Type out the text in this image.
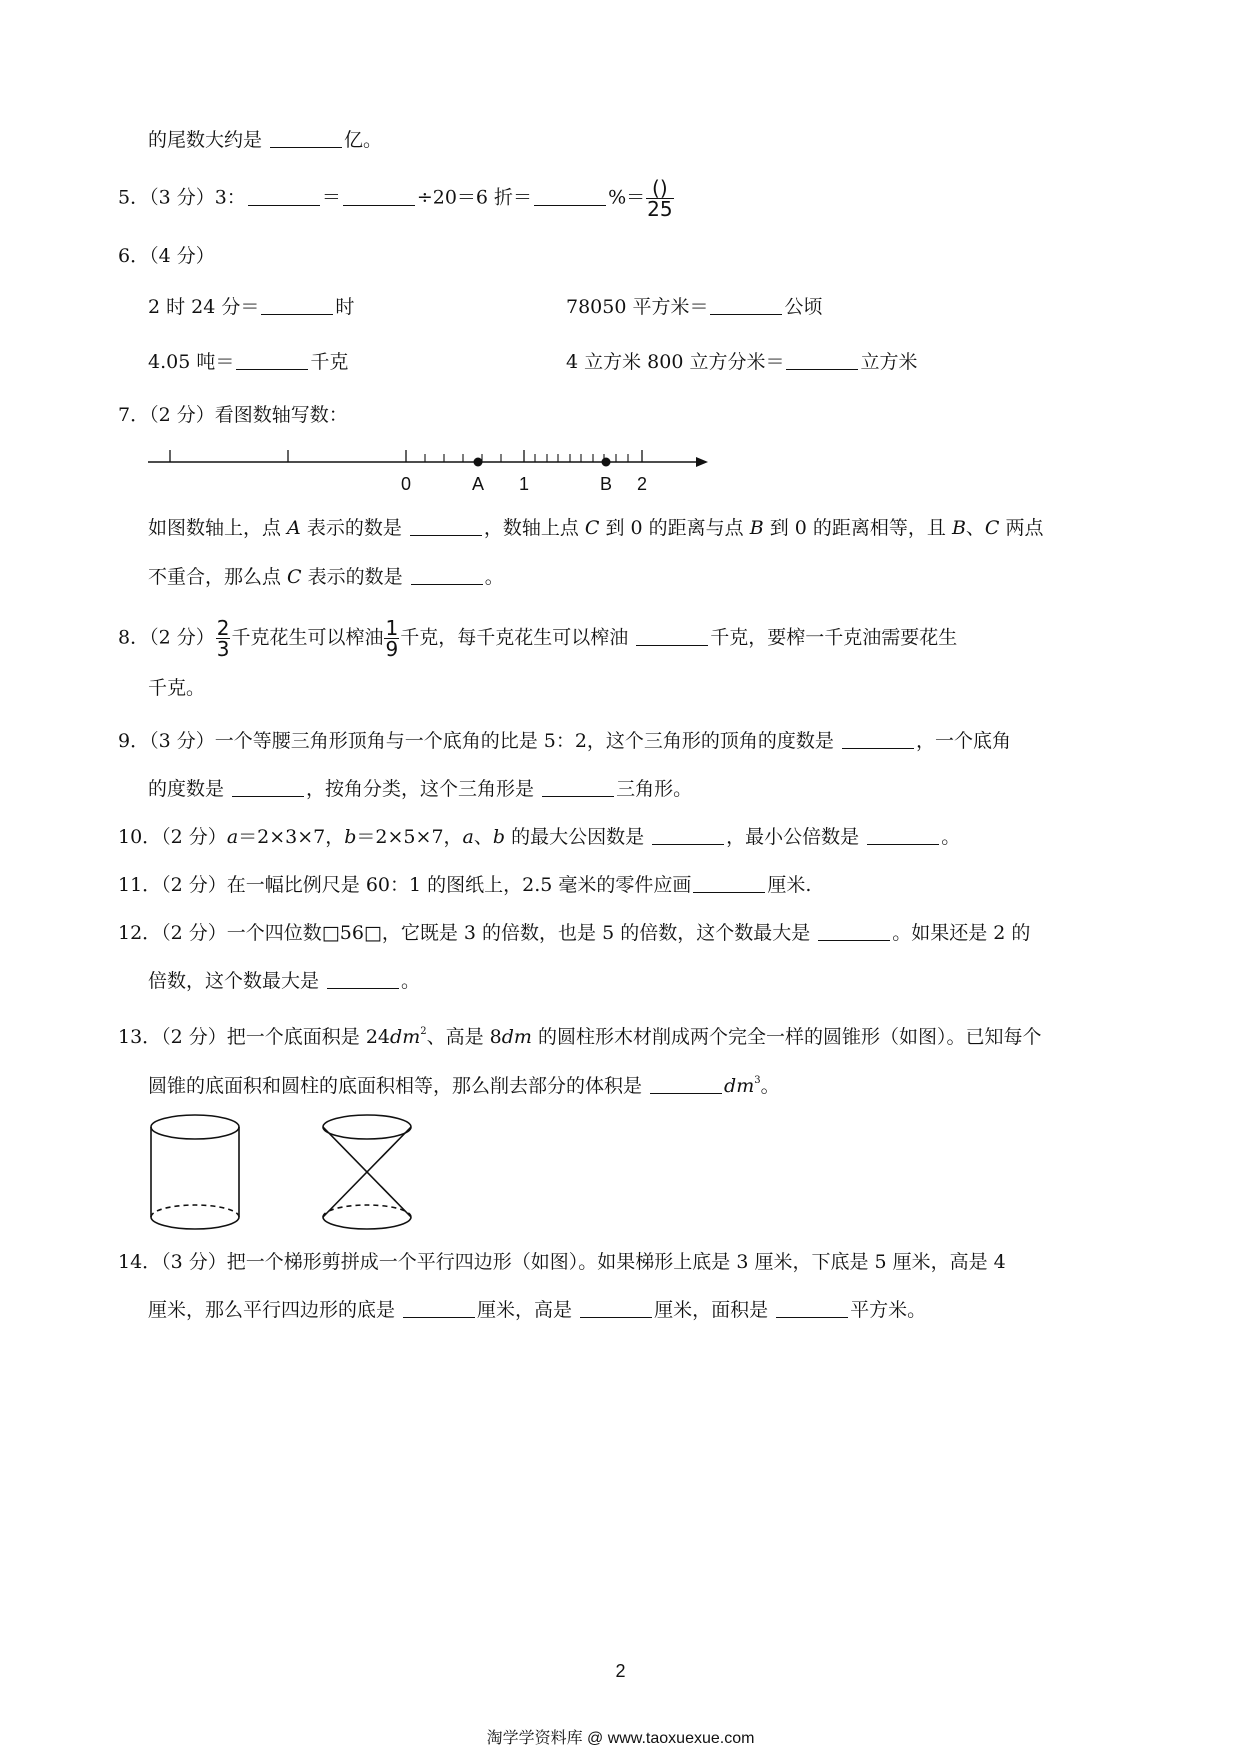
的尾数大约是	亿。
5．（3 分）3：	＝	÷20＝6 折＝	%＝ $\frac{()}{25}$
6．（4 分）
2 时 24 分＝	时	78050 平方米＝	公顷
4.05 吨＝	千克	4 立方米 800 立方分米＝	立方米
7．（2 分）看图数轴写数：
0	A 1	B 2
如图数轴上，点 A 表示的数是	，数轴上点 C 到 0 的距离与点 B 到 0 的距离相等，且 B、C 两点
不重合，那么点 C 表示的数是	。
8．（2 分） $\frac{2}{3}$ 千克花生可以榨油 $\frac{1}{9}$ 千克，每千克花生可以榨油	千克，要榨一千克油需要花生
千克。
9．（3 分）一个等腰三角形顶角与一个底角的比是 5：2，这个三角形的顶角的度数是	，一个底角
的度数是	，按角分类，这个三角形是	三角形。
10．（2 分）a＝2×3×7，b＝2×5×7，a、b 的最大公因数是	，最小公倍数是	。
11．（2 分）在一幅比例尺是 60：1 的图纸上，2.5 毫米的零件应画	厘米.
12．（2 分）一个四位数□56□，它既是 3 的倍数，也是 5 的倍数，这个数最大是	。如果还是 2 的
倍数，这个数最大是	。
13．（2 分）把一个底面积是 $24dm^2$、高是 8dm 的圆柱形木材削成两个完全一样的圆锥形（如图）。已知每个
圆锥的底面积和圆柱的底面积相等，那么削去部分的体积是	$dm^3$。
14．（3 分）把一个梯形剪拼成一个平行四边形（如图）。如果梯形上底是 3 厘米，下底是 5 厘米，高是 4
厘米，那么平行四边形的底是	厘米，高是	厘米，面积是	平方米。
2
淘学学资料库 @ www.taoxuexue.com
